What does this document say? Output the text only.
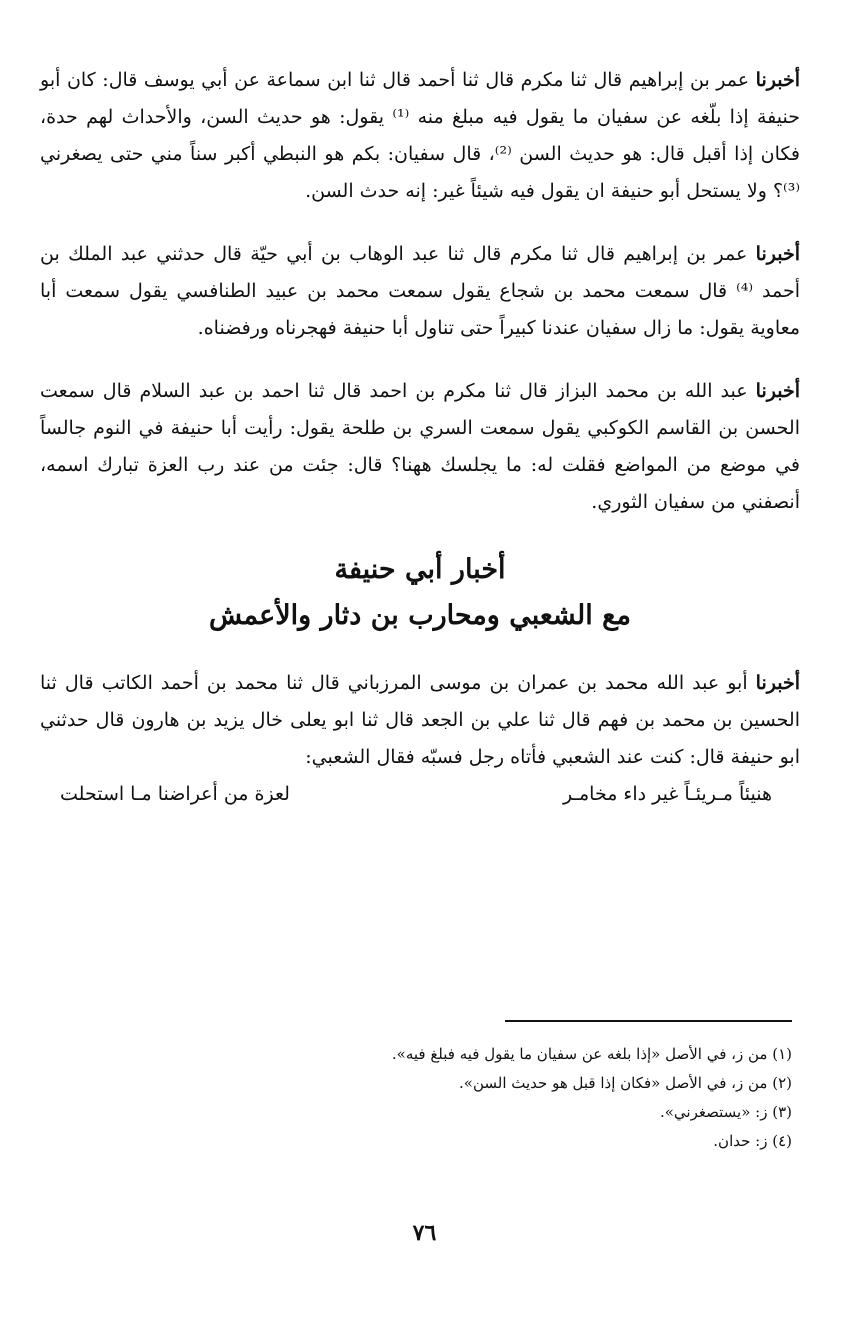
أخبرنا عمر بن إبراهيم قال ثنا مكرم قال ثنا أحمد قال ثنا ابن سماعة عن أبي يوسف قال: كان أبو حنيفة إذا بلّغه عن سفيان ما يقول فيه مبلغ منه ⁽¹⁾ يقول: هو حديث السن، والأحداث لهم حدة، فكان إذا أقبل قال: هو حديث السن ⁽²⁾، قال سفيان: بكم هو النبطي أكبر سناً مني حتى يصغرني ⁽³⁾؟ ولا يستحل أبو حنيفة ان يقول فيه شيئاً غير: إنه حدث السن.

أخبرنا عمر بن إبراهيم قال ثنا مكرم قال ثنا عبد الوهاب بن أبي حيّة قال حدثني عبد الملك بن أحمد ⁽⁴⁾ قال سمعت محمد بن شجاع يقول سمعت محمد بن عبيد الطنافسي يقول سمعت أبا معاوية يقول: ما زال سفيان عندنا كبيراً حتى تناول أبا حنيفة فهجرناه ورفضناه.

أخبرنا عبد الله بن محمد البزاز قال ثنا مكرم بن احمد قال ثنا احمد بن عبد السلام قال سمعت الحسن بن القاسم الكوكبي يقول سمعت السري بن طلحة يقول: رأيت أبا حنيفة في النوم جالساً في موضع من المواضع فقلت له: ما يجلسك ههنا؟ قال: جئت من عند رب العزة تبارك اسمه، أنصفني من سفيان الثوري.

أخبار أبي حنيفة

مع الشعبي ومحارب بن دثار والأعمش

أخبرنا أبو عبد الله محمد بن عمران بن موسى المرزباني قال ثنا محمد بن أحمد الكاتب قال ثنا الحسين بن محمد بن فهم قال ثنا علي بن الجعد قال ثنا ابو يعلى خال يزيد بن هارون قال حدثني ابو حنيفة قال: كنت عند الشعبي فأتاه رجل فسبّه فقال الشعبي:

هنيئاً مـريئـاً غير داء مخامـر
لعزة من أعراضنا مـا استحلت
(١) من ز، في الأصل «إذا بلغه عن سفيان ما يقول فيه فبلغ فيه».
(٢) من ز، في الأصل «فكان إذا قبل هو حديث السن».
(٣) ز: «يستصغرني».
(٤) ز: حدان.
٧٦
